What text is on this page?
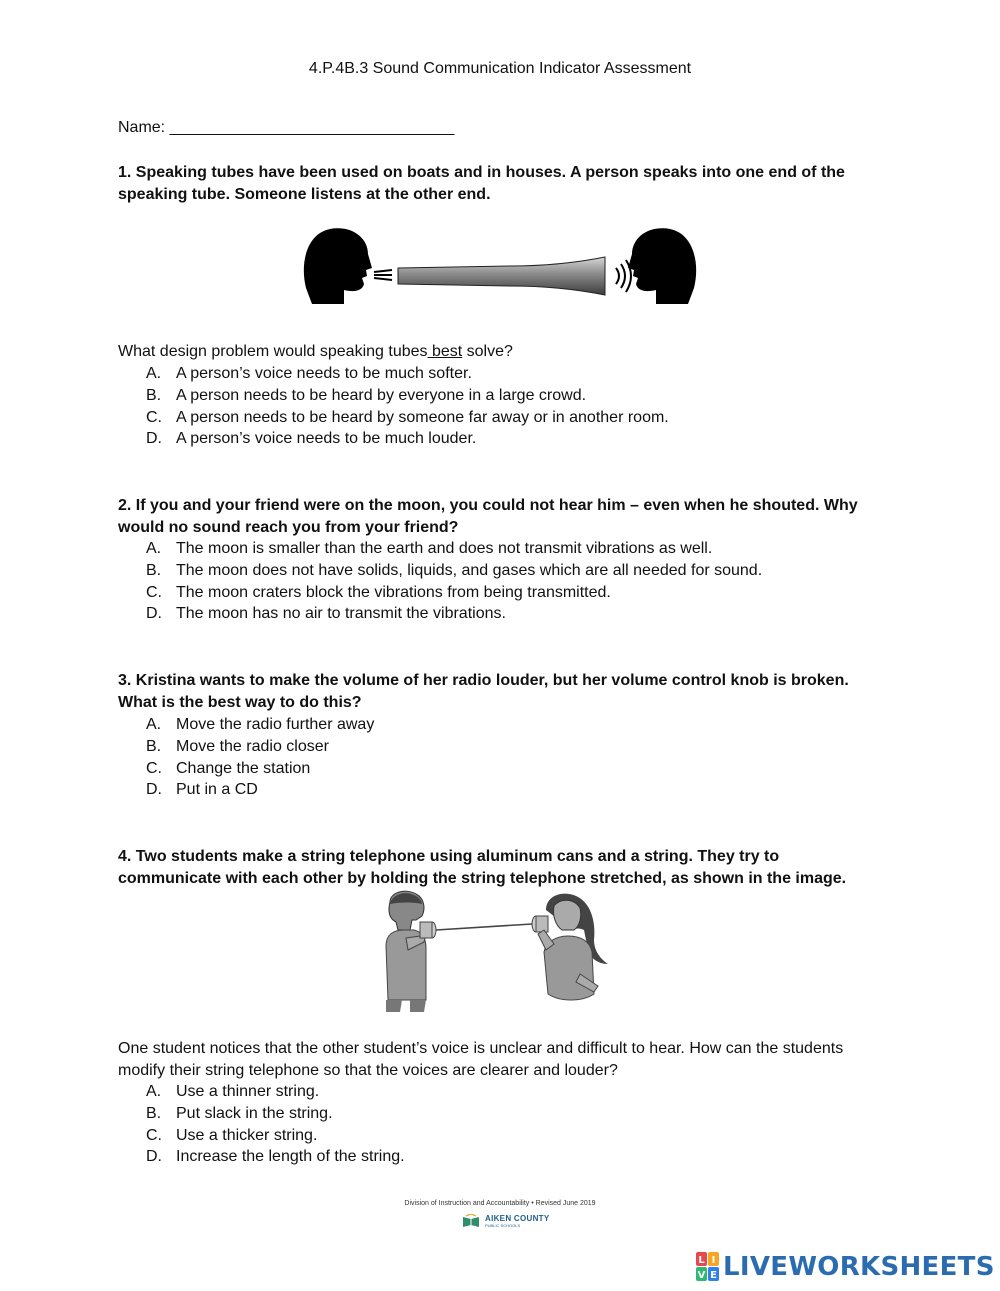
4.P.4B.3 Sound Communication Indicator Assessment
Name: ________________________________
1. Speaking tubes have been used on boats and in houses. A person speaks into one end of the speaking tube. Someone listens at the other end.
What design problem would speaking tubes best solve?
A. A person’s voice needs to be much softer.
B. A person needs to be heard by everyone in a large crowd.
C. A person needs to be heard by someone far away or in another room.
D. A person’s voice needs to be much louder.
2. If you and your friend were on the moon, you could not hear him – even when he shouted. Why would no sound reach you from your friend?
A. The moon is smaller than the earth and does not transmit vibrations as well.
B. The moon does not have solids, liquids, and gases which are all needed for sound.
C. The moon craters block the vibrations from being transmitted.
D. The moon has no air to transmit the vibrations.
3. Kristina wants to make the volume of her radio louder, but her volume control knob is broken. What is the best way to do this?
A. Move the radio further away
B. Move the radio closer
C. Change the station
D. Put in a CD
4. Two students make a string telephone using aluminum cans and a string. They try to communicate with each other by holding the string telephone stretched, as shown in the image.
One student notices that the other student’s voice is unclear and difficult to hear. How can the students modify their string telephone so that the voices are clearer and louder?
A. Use a thinner string.
B. Put slack in the string.
C. Use a thicker string.
D. Increase the length of the string.
Division of Instruction and Accountability • Revised June 2019
AIKEN COUNTY
PUBLIC SCHOOLS
L I
V E LIVEWORKSHEETS
